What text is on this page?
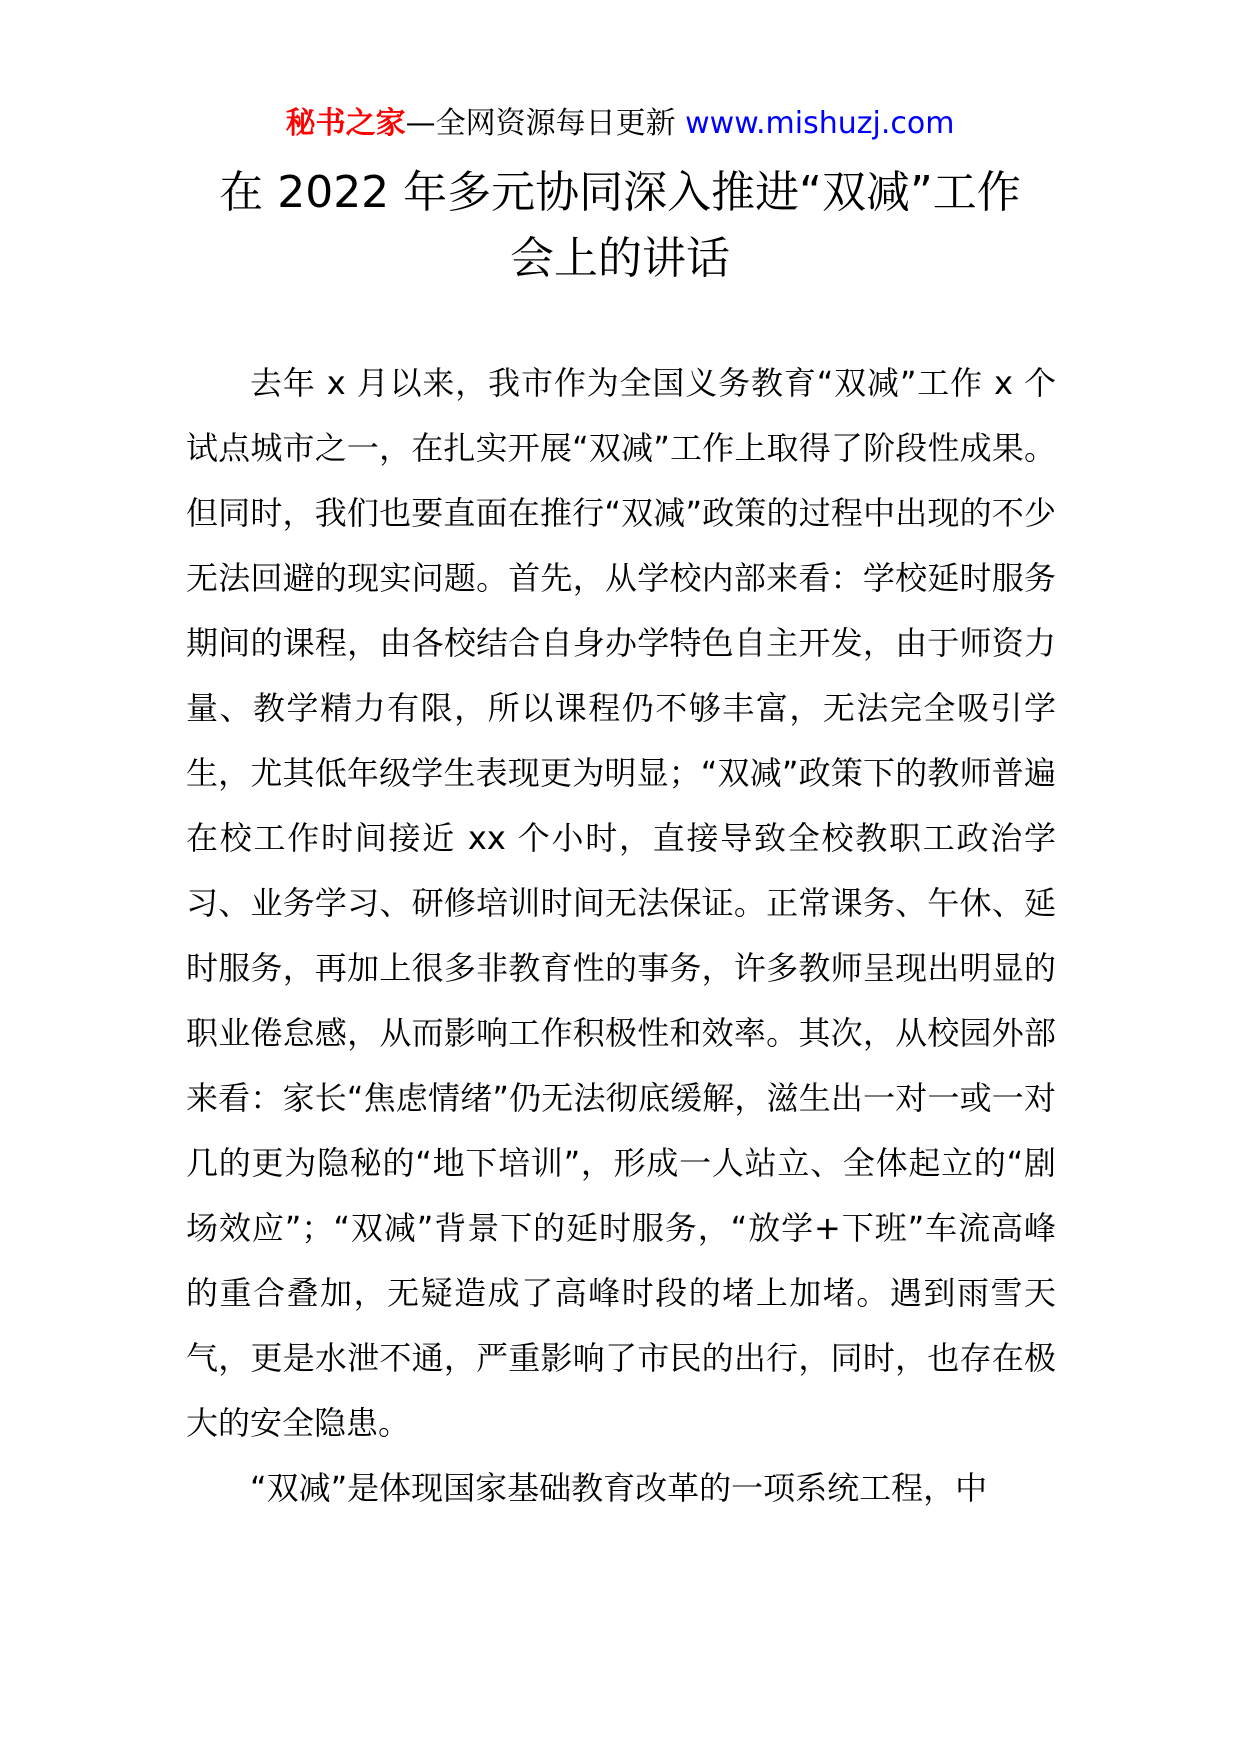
秘书之家—全网资源每日更新 www.mishuzj.com
在 2022 年多元协同深入推进“双减”工作
会上的讲话

去年 x 月以来，我市作为全国义务教育“双减”工作 x 个试点城市之一，在扎实开展“双减”工作上取得了阶段性成果。但同时，我们也要直面在推行“双减”政策的过程中出现的不少无法回避的现实问题。首先，从学校内部来看：学校延时服务期间的课程，由各校结合自身办学特色自主开发，由于师资力量、教学精力有限，所以课程仍不够丰富，无法完全吸引学生，尤其低年级学生表现更为明显；“双减”政策下的教师普遍在校工作时间接近 xx 个小时，直接导致全校教职工政治学习、业务学习、研修培训时间无法保证。正常课务、午休、延时服务，再加上很多非教育性的事务，许多教师呈现出明显的职业倦怠感，从而影响工作积极性和效率。其次，从校园外部来看：家长“焦虑情绪”仍无法彻底缓解，滋生出一对一或一对几的更为隐秘的“地下培训”，形成一人站立、全体起立的“剧场效应”；“双减”背景下的延时服务，“放学+下班”车流高峰的重合叠加，无疑造成了高峰时段的堵上加堵。遇到雨雪天气，更是水泄不通，严重影响了市民的出行，同时，也存在极大的安全隐患。

“双减”是体现国家基础教育改革的一项系统工程，中
